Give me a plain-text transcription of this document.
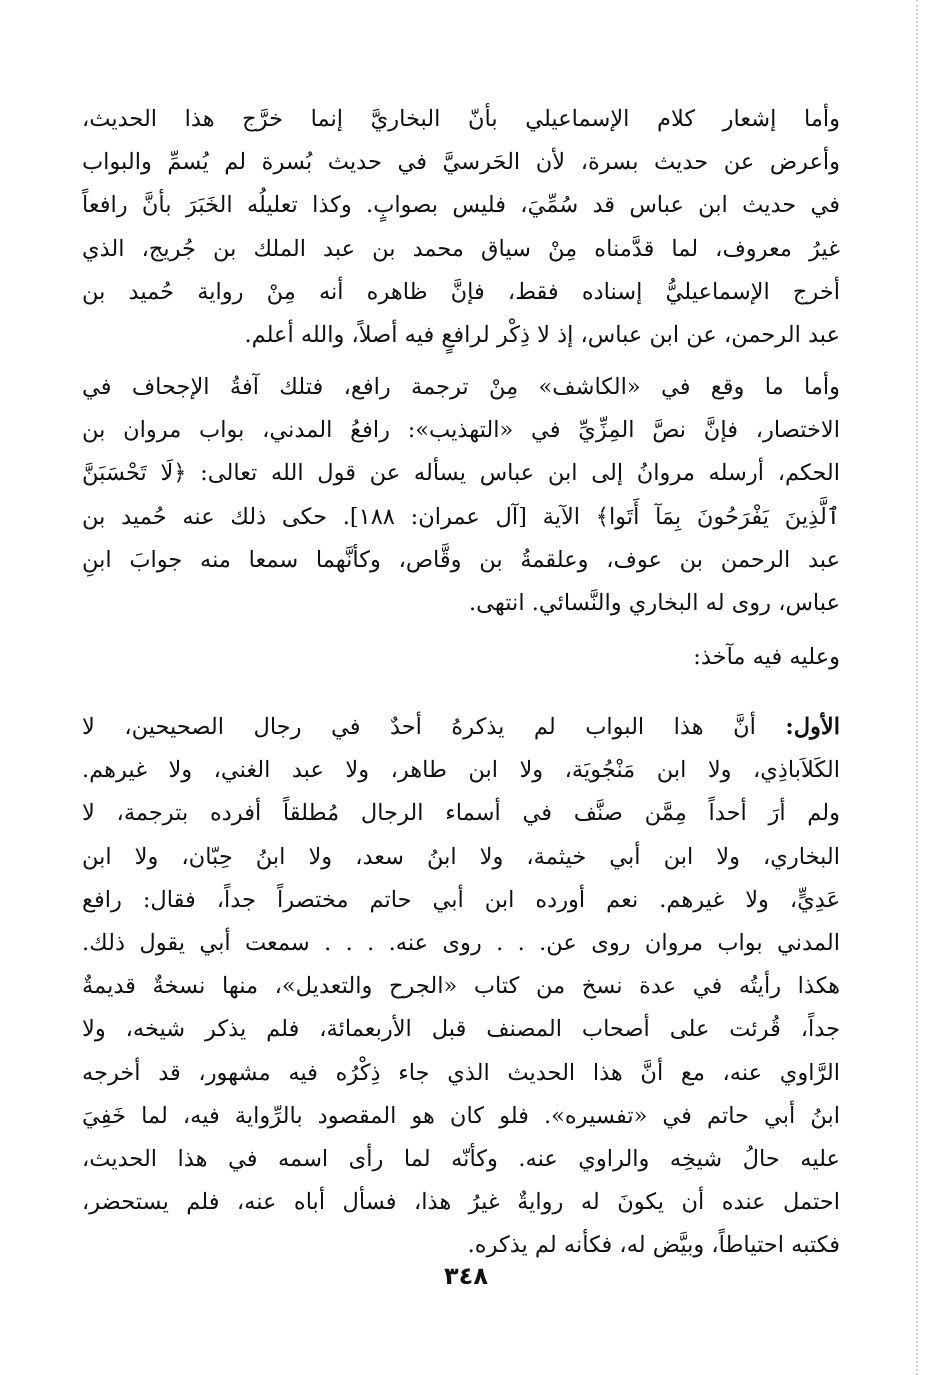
وأما إشعار كلام الإسماعيلي بأنّ البخاريَّ إنما خرَّج هذا الحديث،
وأعرض عن حديث بسرة، لأن الحَرسيَّ في حديث بُسرة لم يُسمِّ والبواب
في حديث ابن عباس قد سُمِّيَ، فليس بصوابٍ. وكذا تعليلُه الخَبَرَ بأنَّ رافعاً
غيرُ معروف، لما قدَّمناه مِنْ سياق محمد بن عبد الملك بن جُريج، الذي
أخرج الإسماعيليُّ إسناده فقط، فإنَّ ظاهره أنه مِنْ رواية حُميد بن
عبد الرحمن، عن ابن عباس، إذ لا ذِكْر لرافعٍ فيه أصلاً، والله أعلم.
وأما ما وقع في «الكاشف» مِنْ ترجمة رافع، فتلك آفةُ الإجحاف في
الاختصار، فإنَّ نصَّ المِزِّيِّ في «التهذيب»: رافعُ المدني، بواب مروان بن
الحكم، أرسله مروانُ إلى ابن عباس يسأله عن قول الله تعالى: ﴿لَا تَحْسَبَنَّ
ٱلَّذِينَ يَفْرَحُونَ بِمَآ أَتَوا﴾ الآية [آل عمران: ١٨٨]. حكى ذلك عنه حُميد بن
عبد الرحمن بن عوف، وعلقمةُ بن وقَّاص، وكأنَّهما سمعا منه جوابَ ابنِ
عباس، روى له البخاري والنَّسائي. انتهى.
وعليه فيه مآخذ:
الأول: أنَّ هذا البواب لم يذكرهُ أحدٌ في رجال الصحيحين، لا
الكَلاَباذِي، ولا ابن مَنْجُويَة، ولا ابن طاهر، ولا عبد الغني، ولا غيرهم.
ولم أرَ أحداً مِمَّن صنَّف في أسماء الرجال مُطلقاً أفرده بترجمة، لا
البخاري، ولا ابن أبي خيثمة، ولا ابنُ سعد، ولا ابنُ حِبّان، ولا ابن
عَدِيٍّ، ولا غيرهم. نعم أورده ابن أبي حاتم مختصراً جداً، فقال: رافع
المدني بواب مروان روى عن. . . روى عنه. . . . سمعت أبي يقول ذلك.
هكذا رأيتُه في عدة نسخ من كتاب «الجرح والتعديل»، منها نسخةٌ قديمةٌ
جداً، قُرئت على أصحاب المصنف قبل الأربعمائة، فلم يذكر شيخه، ولا
الرَّاوي عنه، مع أنَّ هذا الحديث الذي جاء ذِكْرُه فيه مشهور، قد أخرجه
ابنُ أبي حاتم في «تفسيره». فلو كان هو المقصود بالرِّواية فيه، لما خَفِيَ
عليه حالُ شيخِه والراوي عنه. وكأنّه لما رأى اسمه في هذا الحديث،
احتمل عنده أن يكونَ له روايةٌ غيرُ هذا، فسأل أباه عنه، فلم يستحضر،
فكتبه احتياطاً، وبيَّض له، فكأنه لم يذكره.
٣٤٨
